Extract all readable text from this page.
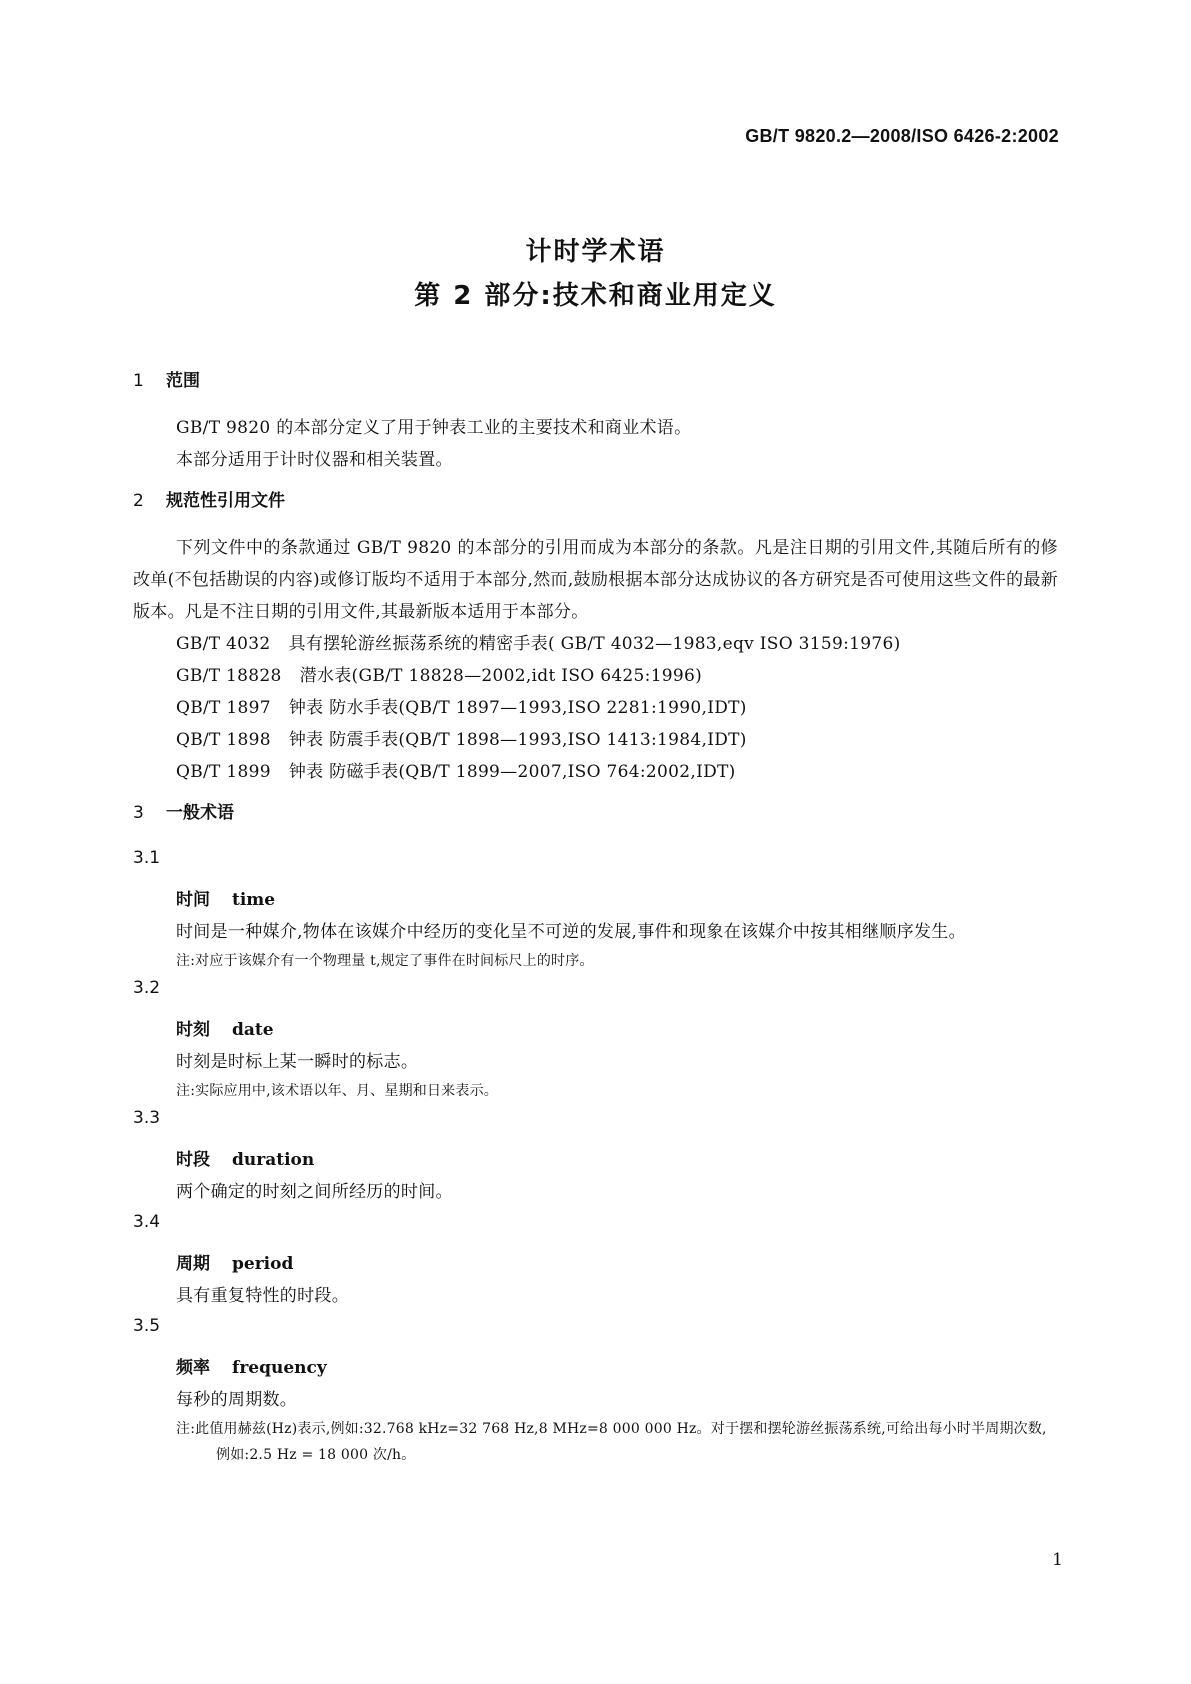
GB/T 9820.2—2008/ISO 6426-2:2002
计时学术语
第 2 部分:技术和商业用定义
1 范围
GB/T 9820 的本部分定义了用于钟表工业的主要技术和商业术语。
本部分适用于计时仪器和相关装置。
2 规范性引用文件
下列文件中的条款通过 GB/T 9820 的本部分的引用而成为本部分的条款。凡是注日期的引用文件,其随后所有的修改单(不包括勘误的内容)或修订版均不适用于本部分,然而,鼓励根据本部分达成协议的各方研究是否可使用这些文件的最新版本。凡是不注日期的引用文件,其最新版本适用于本部分。
GB/T 4032 具有摆轮游丝振荡系统的精密手表( GB/T 4032—1983,eqv ISO 3159:1976)
GB/T 18828 潜水表(GB/T 18828—2002,idt ISO 6425:1996)
QB/T 1897 钟表 防水手表(QB/T 1897—1993,ISO 2281:1990,IDT)
QB/T 1898 钟表 防震手表(QB/T 1898—1993,ISO 1413:1984,IDT)
QB/T 1899 钟表 防磁手表(QB/T 1899—2007,ISO 764:2002,IDT)
3 一般术语
3.1
时间 time
时间是一种媒介,物体在该媒介中经历的变化呈不可逆的发展,事件和现象在该媒介中按其相继顺序发生。
注:对应于该媒介有一个物理量 t,规定了事件在时间标尺上的时序。
3.2
时刻 date
时刻是时标上某一瞬时的标志。
注:实际应用中,该术语以年、月、星期和日来表示。
3.3
时段 duration
两个确定的时刻之间所经历的时间。
3.4
周期 period
具有重复特性的时段。
3.5
频率 frequency
每秒的周期数。
注:此值用赫兹(Hz)表示,例如:32.768 kHz=32 768 Hz,8 MHz=8 000 000 Hz。对于摆和摆轮游丝振荡系统,可给出每小时半周期次数,例如:2.5 Hz = 18 000 次/h。
1
